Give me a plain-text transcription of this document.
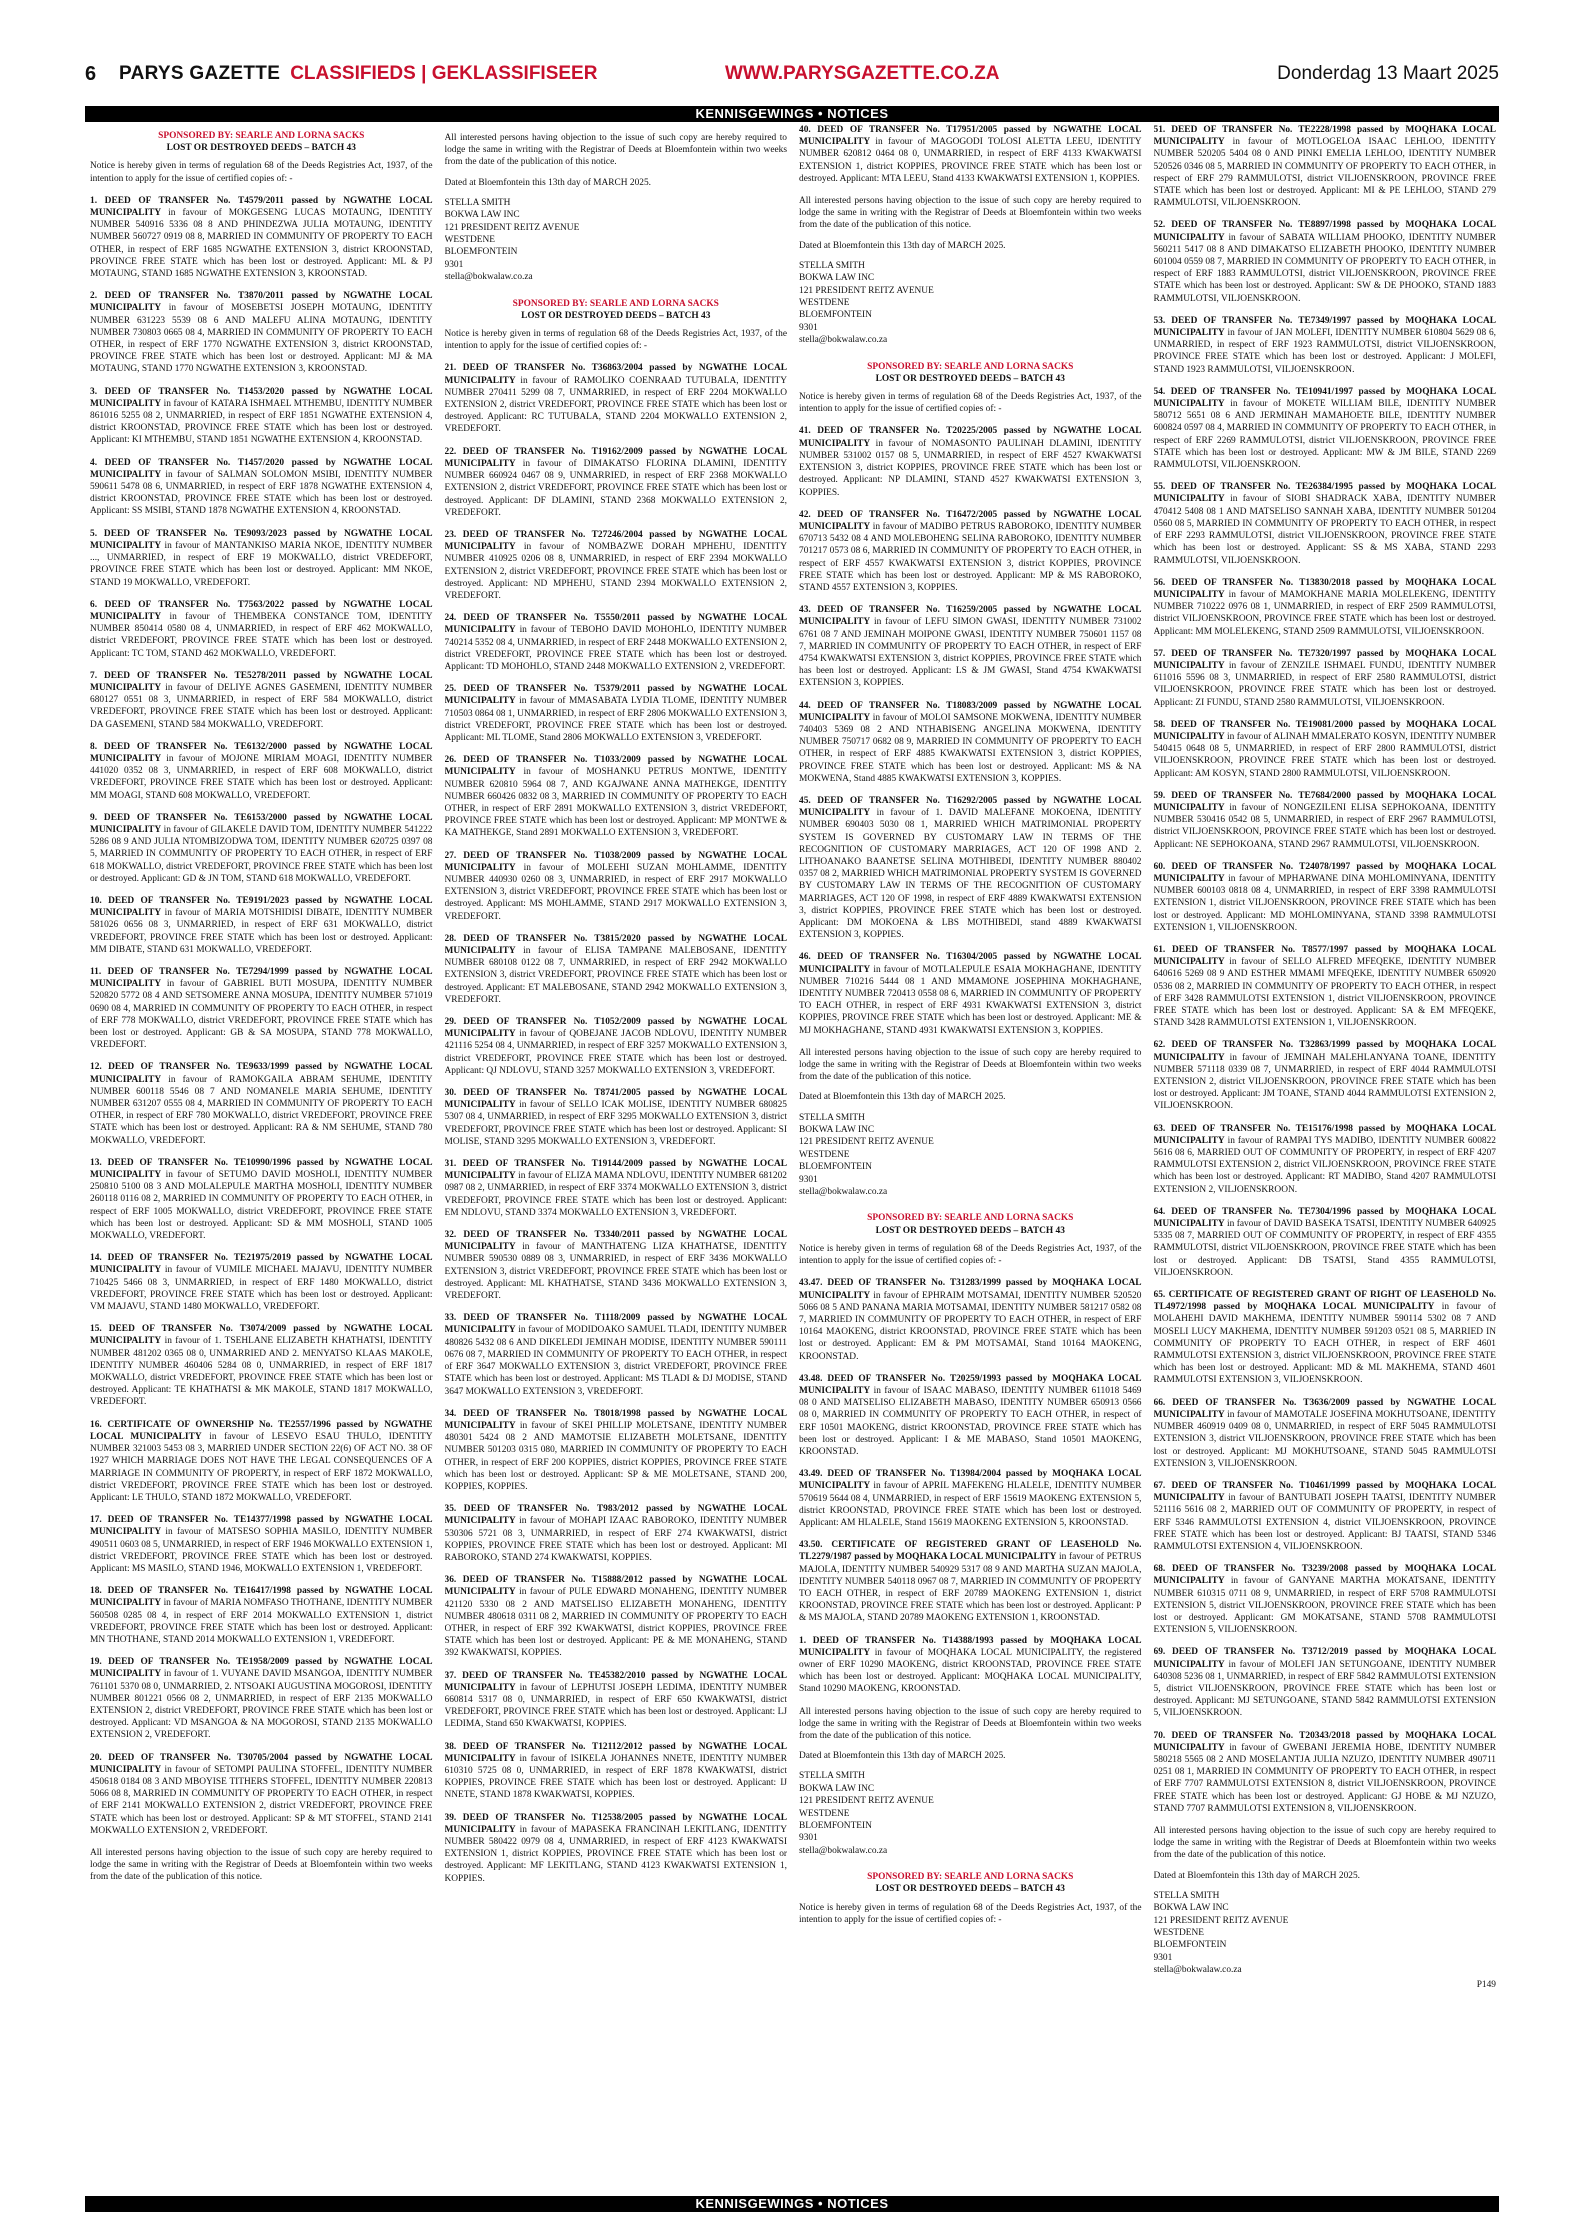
6	PARYS GAZETTE CLASSIFIEDS | GEKLASSIFISEER	WWW.PARYSGAZETTE.CO.ZA	Donderdag 13 Maart 2025
KENNISGEWINGS • NOTICES
SPONSORED BY: SEARLE AND LORNA SACKS
LOST OR DESTROYED DEEDS – BATCH 43
Notice is hereby given in terms of regulation 68 of the Deeds Registries Act, 1937, of the intention to apply for the issue of certified copies of: -
1. DEED OF TRANSFER No. T4579/2011 passed by NGWATHE LOCAL MUNICIPALITY in favour of MOKGESENG LUCAS MOTAUNG, IDENTITY NUMBER 540916 5336 08 8 AND PHINDEZWA JULIA MOTAUNG, IDENTITY NUMBER 560727 0919 08 8, MARRIED IN COMMUNITY OF PROPERTY TO EACH OTHER, in respect of ERF 1685 NGWATHE EXTENSION 3, district KROONSTAD, PROVINCE FREE STATE which has been lost or destroyed. Applicant: ML & PJ MOTAUNG, STAND 1685 NGWATHE EXTENSION 3, KROONSTAD.
2. DEED OF TRANSFER No. T3870/2011 passed by NGWATHE LOCAL MUNICIPALITY in favour of MOSEBETSI JOSEPH MOTAUNG, IDENTITY NUMBER 631223 5539 08 6 AND MALEFU ALINA MOTAUNG, IDENTITY NUMBER 730803 0665 08 4, MARRIED IN COMMUNITY OF PROPERTY TO EACH OTHER, in respect of ERF 1770 NGWATHE EXTENSION 3, district KROONSTAD, PROVINCE FREE STATE which has been lost or destroyed. Applicant: MJ & MA MOTAUNG, STAND 1770 NGWATHE EXTENSION 3, KROONSTAD.
3. DEED OF TRANSFER No. T1453/2020 passed by NGWATHE LOCAL MUNICIPALITY in favour of KATARA ISHMAEL MTHEMBU, IDENTITY NUMBER 861016 5255 08 2, UNMARRIED, in respect of ERF 1851 NGWATHE EXTENSION 4, district KROONSTAD, PROVINCE FREE STATE which has been lost or destroyed. Applicant: KI MTHEMBU, STAND 1851 NGWATHE EXTENSION 4, KROONSTAD.
4. DEED OF TRANSFER No. T1457/2020 passed by NGWATHE LOCAL MUNICIPALITY in favour of SALMAN SOLOMON MSIBI, IDENTITY NUMBER 590611 5478 08 6, UNMARRIED, in respect of ERF 1878 NGWATHE EXTENSION 4, district KROONSTAD, PROVINCE FREE STATE which has been lost or destroyed. Applicant: SS MSIBI, STAND 1878 NGWATHE EXTENSION 4, KROONSTAD.
5. DEED OF TRANSFER No. TE9093/2023 passed by NGWATHE LOCAL MUNICIPALITY in favour of MANTANKISO MARIA NKOE, IDENTITY NUMBER ..., UNMARRIED, in respect of ERF 19 MOKWALLO, district VREDEFORT, PROVINCE FREE STATE which has been lost or destroyed. Applicant: MM NKOE, STAND 19 MOKWALLO, VREDEFORT.
6. DEED OF TRANSFER No. T7563/2022 passed by NGWATHE LOCAL MUNICIPALITY in favour of THEMBEKA CONSTANCE TOM, IDENTITY NUMBER 850414 0580 08 4, UNMARRIED, in respect of ERF 462 MOKWALLO, district VREDEFORT, PROVINCE FREE STATE which has been lost or destroyed. Applicant: TC TOM, STAND 462 MOKWALLO, VREDEFORT.
7. DEED OF TRANSFER No. TE5278/2011 passed by NGWATHE LOCAL MUNICIPALITY in favour of DELIYE AGNES GASEMENI, IDENTITY NUMBER 680127 0551 08 3, UNMARRIED, in respect of ERF 584 MOKWALLO, district VREDEFORT, PROVINCE FREE STATE which has been lost or destroyed. Applicant: DA GASEMENI, STAND 584 MOKWALLO, VREDEFORT.
8. DEED OF TRANSFER No. TE6132/2000 passed by NGWATHE LOCAL MUNICIPALITY in favour of MOJONE MIRIAM MOAGI, IDENTITY NUMBER 441020 0352 08 3, UNMARRIED, in respect of ERF 608 MOKWALLO, district VREDEFORT, PROVINCE FREE STATE which has been lost or destroyed. Applicant: MM MOAGI, STAND 608 MOKWALLO, VREDEFORT.
9. DEED OF TRANSFER No. TE6153/2000 passed by NGWATHE LOCAL MUNICIPALITY in favour of GILAKELE DAVID TOM, IDENTITY NUMBER 541222 5286 08 9 AND JULIA NTOMBIZODWA TOM, IDENTITY NUMBER 620725 0397 08 5, MARRIED IN COMMUNITY OF PROPERTY TO EACH OTHER, in respect of ERF 618 MOKWALLO, district VREDEFORT, PROVINCE FREE STATE which has been lost or destroyed. Applicant: GD & JN TOM, STAND 618 MOKWALLO, VREDEFORT.
10. DEED OF TRANSFER No. TE9191/2023 passed by NGWATHE LOCAL MUNICIPALITY in favour of MARIA MOTSHIDISI DIBATE, IDENTITY NUMBER 581026 0656 08 3, UNMARRIED, in respect of ERF 631 MOKWALLO, district VREDEFORT, PROVINCE FREE STATE which has been lost or destroyed. Applicant: MM DIBATE, STAND 631 MOKWALLO, VREDEFORT.
11. DEED OF TRANSFER No. TE7294/1999 passed by NGWATHE LOCAL MUNICIPALITY in favour of GABRIEL BUTI MOSUPA, IDENTITY NUMBER 520820 5772 08 4 AND SETSOMERE ANNA MOSUPA, IDENTITY NUMBER 571019 0690 08 4, MARRIED IN COMMUNITY OF PROPERTY TO EACH OTHER, in respect of ERF 778 MOKWALLO, district VREDEFORT, PROVINCE FREE STATE which has been lost or destroyed. Applicant: GB & SA MOSUPA, STAND 778 MOKWALLO, VREDEFORT.
12. DEED OF TRANSFER No. TE9633/1999 passed by NGWATHE LOCAL MUNICIPALITY in favour of RAMOKGAILA ABRAM SEHUME, IDENTITY NUMBER 600118 5546 08 7 AND NOMANELE MARIA SEHUME, IDENTITY NUMBER 631207 0555 08 4, MARRIED IN COMMUNITY OF PROPERTY TO EACH OTHER, in respect of ERF 780 MOKWALLO, district VREDEFORT, PROVINCE FREE STATE which has been lost or destroyed. Applicant: RA & NM SEHUME, STAND 780 MOKWALLO, VREDEFORT.
13. DEED OF TRANSFER No. TE10990/1996 passed by NGWATHE LOCAL MUNICIPALITY in favour of SETUMO DAVID MOSHOLI, IDENTITY NUMBER 250810 5100 08 3 AND MOLALEPULE MARTHA MOSHOLI, IDENTITY NUMBER 260118 0116 08 2, MARRIED IN COMMUNITY OF PROPERTY TO EACH OTHER, in respect of ERF 1005 MOKWALLO, district VREDEFORT, PROVINCE FREE STATE which has been lost or destroyed. Applicant: SD & MM MOSHOLI, STAND 1005 MOKWALLO, VREDEFORT.
14. DEED OF TRANSFER No. TE21975/2019 passed by NGWATHE LOCAL MUNICIPALITY in favour of VUMILE MICHAEL MAJAVU, IDENTITY NUMBER 710425 5466 08 3, UNMARRIED, in respect of ERF 1480 MOKWALLO, district VREDEFORT, PROVINCE FREE STATE which has been lost or destroyed. Applicant: VM MAJAVU, STAND 1480 MOKWALLO, VREDEFORT.
15. DEED OF TRANSFER No. T3074/2009 passed by NGWATHE LOCAL MUNICIPALITY in favour of 1. TSEHLANE ELIZABETH KHATHATSI, IDENTITY NUMBER 481202 0365 08 0, UNMARRIED AND 2. MENYATSO KLAAS MAKOLE, IDENTITY NUMBER 460406 5284 08 0, UNMARRIED, in respect of ERF 1817 MOKWALLO, district VREDEFORT, PROVINCE FREE STATE which has been lost or destroyed. Applicant: TE KHATHATSI & MK MAKOLE, STAND 1817 MOKWALLO, VREDEFORT.
16. CERTIFICATE OF OWNERSHIP No. TE2557/1996 passed by NGWATHE LOCAL MUNICIPALITY in favour of LESEVO ESAU THULO, IDENTITY NUMBER 321003 5453 08 3, MARRIED UNDER SECTION 22(6) OF ACT NO. 38 OF 1927 WHICH MARRIAGE DOES NOT HAVE THE LEGAL CONSEQUENCES OF A MARRIAGE IN COMMUNITY OF PROPERTY, in respect of ERF 1872 MOKWALLO, district VREDEFORT, PROVINCE FREE STATE which has been lost or destroyed. Applicant: LE THULO, STAND 1872 MOKWALLO, VREDEFORT.
17. DEED OF TRANSFER No. TE14377/1998 passed by NGWATHE LOCAL MUNICIPALITY in favour of MATSESO SOPHIA MASILO, IDENTITY NUMBER 490511 0603 08 5, UNMARRIED, in respect of ERF 1946 MOKWALLO EXTENSION 1, district VREDEFORT, PROVINCE FREE STATE which has been lost or destroyed. Applicant: MS MASILO, STAND 1946, MOKWALLO EXTENSION 1, VREDEFORT.
18. DEED OF TRANSFER No. TE16417/1998 passed by NGWATHE LOCAL MUNICIPALITY in favour of MARIA NOMFASO THOTHANE, IDENTITY NUMBER 560508 0285 08 4, in respect of ERF 2014 MOKWALLO EXTENSION 1, district VREDEFORT, PROVINCE FREE STATE which has been lost or destroyed. Applicant: MN THOTHANE, STAND 2014 MOKWALLO EXTENSION 1, VREDEFORT.
19. DEED OF TRANSFER No. TE1958/2009 passed by NGWATHE LOCAL MUNICIPALITY in favour of 1. VUYANE DAVID MSANGOA, IDENTITY NUMBER 761101 5370 08 0, UNMARRIED, 2. NTSOAKI AUGUSTINA MOGOROSI, IDENTITY NUMBER 801221 0566 08 2, UNMARRIED, in respect of ERF 2135 MOKWALLO EXTENSION 2, district VREDEFORT, PROVINCE FREE STATE which has been lost or destroyed. Applicant: VD MSANGOA & NA MOGOROSI, STAND 2135 MOKWALLO EXTENSION 2, VREDEFORT.
20. DEED OF TRANSFER No. T30705/2004 passed by NGWATHE LOCAL MUNICIPALITY in favour of SETOMPI PAULINA STOFFEL, IDENTITY NUMBER 450618 0184 08 3 AND MBOYISE TITHERS STOFFEL, IDENTITY NUMBER 220813 5066 08 8, MARRIED IN COMMUNITY OF PROPERTY TO EACH OTHER, in respect of ERF 2141 MOKWALLO EXTENSION 2, district VREDEFORT, PROVINCE FREE STATE which has been lost or destroyed. Applicant: SP & MT STOFFEL, STAND 2141 MOKWALLO EXTENSION 2, VREDEFORT.
All interested persons having objection to the issue of such copy are hereby required to lodge the same in writing with the Registrar of Deeds at Bloemfontein within two weeks from the date of the publication of this notice.
All interested persons having objection to the issue of such copy are hereby required to lodge the same in writing with the Registrar of Deeds at Bloemfontein within two weeks from the date of the publication of this notice.
Dated at Bloemfontein this 13th day of MARCH 2025.
STELLA SMITH
BOKWA LAW INC
121 PRESIDENT REITZ AVENUE
WESTDENE
BLOEMFONTEIN
9301
stella@bokwalaw.co.za
SPONSORED BY: SEARLE AND LORNA SACKS
LOST OR DESTROYED DEEDS – BATCH 43
Notice is hereby given in terms of regulation 68 of the Deeds Registries Act, 1937, of the intention to apply for the issue of certified copies of: -
21. DEED OF TRANSFER No. T36863/2004 passed by NGWATHE LOCAL MUNICIPALITY in favour of RAMOLIKO COENRAAD TUTUBALA, IDENTITY NUMBER 270411 5299 08 7, UNMARRIED, in respect of ERF 2204 MOKWALLO EXTENSION 2, district VREDEFORT, PROVINCE FREE STATE which has been lost or destroyed. Applicant: RC TUTUBALA, STAND 2204 MOKWALLO EXTENSION 2, VREDEFORT.
22. DEED OF TRANSFER No. T19162/2009 passed by NGWATHE LOCAL MUNICIPALITY in favour of DIMAKATSO FLORINA DLAMINI, IDENTITY NUMBER 660924 0467 08 9, UNMARRIED, in respect of ERF 2368 MOKWALLO EXTENSION 2, district VREDEFORT, PROVINCE FREE STATE which has been lost or destroyed. Applicant: DF DLAMINI, STAND 2368 MOKWALLO EXTENSION 2, VREDEFORT.
23. DEED OF TRANSFER No. T27246/2004 passed by NGWATHE LOCAL MUNICIPALITY in favour of NOMBAZWE DORAH MPHEHU, IDENTITY NUMBER 410925 0206 08 8, UNMARRIED, in respect of ERF 2394 MOKWALLO EXTENSION 2, district VREDEFORT, PROVINCE FREE STATE which has been lost or destroyed. Applicant: ND MPHEHU, STAND 2394 MOKWALLO EXTENSION 2, VREDEFORT.
24. DEED OF TRANSFER No. T5550/2011 passed by NGWATHE LOCAL MUNICIPALITY in favour of TEBOHO DAVID MOHOHLO, IDENTITY NUMBER 740214 5352 08 4, UNMARRIED, in respect of ERF 2448 MOKWALLO EXTENSION 2, district VREDEFORT, PROVINCE FREE STATE which has been lost or destroyed. Applicant: TD MOHOHLO, STAND 2448 MOKWALLO EXTENSION 2, VREDEFORT.
25. DEED OF TRANSFER No. T5379/2011 passed by NGWATHE LOCAL MUNICIPALITY in favour of MMASABATA LYDIA TLOME, IDENTITY NUMBER 710503 0864 08 1, UNMARRIED, in respect of ERF 2806 MOKWALLO EXTENSION 3, district VREDEFORT, PROVINCE FREE STATE which has been lost or destroyed. Applicant: ML TLOME, Stand 2806 MOKWALLO EXTENSION 3, VREDEFORT.
26. DEED OF TRANSFER No. T1033/2009 passed by NGWATHE LOCAL MUNICIPALITY in favour of MOSHANKU PETRUS MONTWE, IDENTITY NUMBER 620810 5964 08 7, AND KGAJWANE ANNA MATHEKGE, IDENTITY NUMBER 660426 0832 08 3, MARRIED IN COMMUNITY OF PROPERTY TO EACH OTHER, in respect of ERF 2891 MOKWALLO EXTENSION 3, district VREDEFORT, PROVINCE FREE STATE which has been lost or destroyed. Applicant: MP MONTWE & KA MATHEKGE, Stand 2891 MOKWALLO EXTENSION 3, VREDEFORT.
27. DEED OF TRANSFER No. T1038/2009 passed by NGWATHE LOCAL MUNICIPALITY in favour of MOLEEHI SUZAN MOHLAMME, IDENTITY NUMBER 440930 0260 08 3, UNMARRIED, in respect of ERF 2917 MOKWALLO EXTENSION 3, district VREDEFORT, PROVINCE FREE STATE which has been lost or destroyed. Applicant: MS MOHLAMME, STAND 2917 MOKWALLO EXTENSION 3, VREDEFORT.
28. DEED OF TRANSFER No. T3815/2020 passed by NGWATHE LOCAL MUNICIPALITY in favour of ELISA TAMPANE MALEBOSANE, IDENTITY NUMBER 680108 0122 08 7, UNMARRIED, in respect of ERF 2942 MOKWALLO EXTENSION 3, district VREDEFORT, PROVINCE FREE STATE which has been lost or destroyed. Applicant: ET MALEBOSANE, STAND 2942 MOKWALLO EXTENSION 3, VREDEFORT.
29. DEED OF TRANSFER No. T1052/2009 passed by NGWATHE LOCAL MUNICIPALITY in favour of QOBEJANE JACOB NDLOVU, IDENTITY NUMBER 421116 5254 08 4, UNMARRIED, in respect of ERF 3257 MOKWALLO EXTENSION 3, district VREDEFORT, PROVINCE FREE STATE which has been lost or destroyed. Applicant: QJ NDLOVU, STAND 3257 MOKWALLO EXTENSION 3, VREDEFORT.
30. DEED OF TRANSFER No. T8741/2005 passed by NGWATHE LOCAL MUNICIPALITY in favour of SELLO ICAK MOLISE, IDENTITY NUMBER 680825 5307 08 4, UNMARRIED, in respect of ERF 3295 MOKWALLO EXTENSION 3, district VREDEFORT, PROVINCE FREE STATE which has been lost or destroyed. Applicant: SI MOLISE, STAND 3295 MOKWALLO EXTENSION 3, VREDEFORT.
31. DEED OF TRANSFER No. T19144/2009 passed by NGWATHE LOCAL MUNICIPALITY in favour of ELIZA MAMA NDLOVU, IDENTITY NUMBER 681202 0987 08 2, UNMARRIED, in respect of ERF 3374 MOKWALLO EXTENSION 3, district VREDEFORT, PROVINCE FREE STATE which has been lost or destroyed. Applicant: EM NDLOVU, STAND 3374 MOKWALLO EXTENSION 3, VREDEFORT.
32. DEED OF TRANSFER No. T3340/2011 passed by NGWATHE LOCAL MUNICIPALITY in favour of MANTHATENG LIZA KHATHATSE, IDENTITY NUMBER 590530 0889 08 3, UNMARRIED, in respect of ERF 3436 MOKWALLO EXTENSION 3, district VREDEFORT, PROVINCE FREE STATE which has been lost or destroyed. Applicant: ML KHATHATSE, STAND 3436 MOKWALLO EXTENSION 3, VREDEFORT.
33. DEED OF TRANSFER No. T1118/2009 passed by NGWATHE LOCAL MUNICIPALITY in favour of MODIDOAKO SAMUEL TLADI, IDENTITY NUMBER 480826 5432 08 6 AND DIKELEDI JEMINAH MODISE, IDENTITY NUMBER 590111 0676 08 7, MARRIED IN COMMUNITY OF PROPERTY TO EACH OTHER, in respect of ERF 3647 MOKWALLO EXTENSION 3, district VREDEFORT, PROVINCE FREE STATE which has been lost or destroyed. Applicant: MS TLADI & DJ MODISE, STAND 3647 MOKWALLO EXTENSION 3, VREDEFORT.
34. DEED OF TRANSFER No. T8018/1998 passed by NGWATHE LOCAL MUNICIPALITY in favour of SKEI PHILLIP MOLETSANE, IDENTITY NUMBER 480301 5424 08 2 AND MAMOTSIE ELIZABETH MOLETSANE, IDENTITY NUMBER 501203 0315 080, MARRIED IN COMMUNITY OF PROPERTY TO EACH OTHER, in respect of ERF 200 KOPPIES, district KOPPIES, PROVINCE FREE STATE which has been lost or destroyed. Applicant: SP & ME MOLETSANE, STAND 200, KOPPIES, KOPPIES.
35. DEED OF TRANSFER No. T983/2012 passed by NGWATHE LOCAL MUNICIPALITY in favour of MOHAPI IZAAC RABOROKO, IDENTITY NUMBER 530306 5721 08 3, UNMARRIED, in respect of ERF 274 KWAKWATSI, district KOPPIES, PROVINCE FREE STATE which has been lost or destroyed. Applicant: MI RABOROKO, STAND 274 KWAKWATSI, KOPPIES.
36. DEED OF TRANSFER No. T15888/2012 passed by NGWATHE LOCAL MUNICIPALITY in favour of PULE EDWARD MONAHENG, IDENTITY NUMBER 421120 5330 08 2 AND MATSELISO ELIZABETH MONAHENG, IDENTITY NUMBER 480618 0311 08 2, MARRIED IN COMMUNITY OF PROPERTY TO EACH OTHER, in respect of ERF 392 KWAKWATSI, district KOPPIES, PROVINCE FREE STATE which has been lost or destroyed. Applicant: PE & ME MONAHENG, STAND 392 KWAKWATSI, KOPPIES.
37. DEED OF TRANSFER No. TE45382/2010 passed by NGWATHE LOCAL MUNICIPALITY in favour of LEPHUTSI JOSEPH LEDIMA, IDENTITY NUMBER 660814 5317 08 0, UNMARRIED, in respect of ERF 650 KWAKWATSI, district VREDEFORT, PROVINCE FREE STATE which has been lost or destroyed. Applicant: LJ LEDIMA, Stand 650 KWAKWATSI, KOPPIES.
38. DEED OF TRANSFER No. T12112/2012 passed by NGWATHE LOCAL MUNICIPALITY in favour of ISIKELA JOHANNES NNETE, IDENTITY NUMBER 610310 5725 08 0, UNMARRIED, in respect of ERF 1878 KWAKWATSI, district KOPPIES, PROVINCE FREE STATE which has been lost or destroyed. Applicant: IJ NNETE, STAND 1878 KWAKWATSI, KOPPIES.
39. DEED OF TRANSFER No. T12538/2005 passed by NGWATHE LOCAL MUNICIPALITY in favour of MAPASEKA FRANCINAH LEKITLANG, IDENTITY NUMBER 580422 0979 08 4, UNMARRIED, in respect of ERF 4123 KWAKWATSI EXTENSION 1, district KOPPIES, PROVINCE FREE STATE which has been lost or destroyed. Applicant: MF LEKITLANG, STAND 4123 KWAKWATSI EXTENSION 1, KOPPIES.
40. DEED OF TRANSFER No. T17951/2005 passed by NGWATHE LOCAL MUNICIPALITY in favour of MAGOGODI TOLOSI ALETTA LEEU, IDENTITY NUMBER 620812 0464 08 0, UNMARRIED, in respect of ERF 4133 KWAKWATSI EXTENSION 1, district KOPPIES, PROVINCE FREE STATE which has been lost or destroyed. Applicant: MTA LEEU, Stand 4133 KWAKWATSI EXTENSION 1, KOPPIES.
All interested persons having objection to the issue of such copy are hereby required to lodge the same in writing with the Registrar of Deeds at Bloemfontein within two weeks from the date of the publication of this notice.
Dated at Bloemfontein this 13th day of MARCH 2025.
STELLA SMITH
BOKWA LAW INC
121 PRESIDENT REITZ AVENUE
WESTDENE
BLOEMFONTEIN
9301
stella@bokwalaw.co.za
SPONSORED BY: SEARLE AND LORNA SACKS
LOST OR DESTROYED DEEDS – BATCH 43
Notice is hereby given in terms of regulation 68 of the Deeds Registries Act, 1937, of the intention to apply for the issue of certified copies of: -
41. DEED OF TRANSFER No. T20225/2005 passed by NGWATHE LOCAL MUNICIPALITY in favour of NOMASONTO PAULINAH DLAMINI, IDENTITY NUMBER 531002 0157 08 5, UNMARRIED, in respect of ERF 4527 KWAKWATSI EXTENSION 3, district KOPPIES, PROVINCE FREE STATE which has been lost or destroyed. Applicant: NP DLAMINI, STAND 4527 KWAKWATSI EXTENSION 3, KOPPIES.
42. DEED OF TRANSFER No. T16472/2005 passed by NGWATHE LOCAL MUNICIPALITY in favour of MADIBO PETRUS RABOROKO, IDENTITY NUMBER 670713 5432 08 4 AND MOLEBOHENG SELINA RABOROKO, IDENTITY NUMBER 701217 0573 08 6, MARRIED IN COMMUNITY OF PROPERTY TO EACH OTHER, in respect of ERF 4557 KWAKWATSI EXTENSION 3, district KOPPIES, PROVINCE FREE STATE which has been lost or destroyed. Applicant: MP & MS RABOROKO, STAND 4557 EXTENSION 3, KOPPIES.
43. DEED OF TRANSFER No. T16259/2005 passed by NGWATHE LOCAL MUNICIPALITY in favour of LEFU SIMON GWASI, IDENTITY NUMBER 731002 6761 08 7 AND JEMINAH MOIPONE GWASI, IDENTITY NUMBER 750601 1157 08 7, MARRIED IN COMMUNITY OF PROPERTY TO EACH OTHER, in respect of ERF 4754 KWAKWATSI EXTENSION 3, district KOPPIES, PROVINCE FREE STATE which has been lost or destroyed. Applicant: LS & JM GWASI, Stand 4754 KWAKWATSI EXTENSION 3, KOPPIES.
44. DEED OF TRANSFER No. T18083/2009 passed by NGWATHE LOCAL MUNICIPALITY in favour of MOLOI SAMSONE MOKWENA, IDENTITY NUMBER 740403 5369 08 2 AND NTHABISENG ANGELINA MOKWENA, IDENTITY NUMBER 750717 0682 08 9, MARRIED IN COMMUNITY OF PROPERTY TO EACH OTHER, in respect of ERF 4885 KWAKWATSI EXTENSION 3, district KOPPIES, PROVINCE FREE STATE which has been lost or destroyed. Applicant: MS & NA MOKWENA, Stand 4885 KWAKWATSI EXTENSION 3, KOPPIES.
45. DEED OF TRANSFER No. T16292/2005 passed by NGWATHE LOCAL MUNICIPALITY in favour of 1. DAVID MALEFANE MOKOENA, IDENTITY NUMBER 690403 5030 08 1, MARRIED WHICH MATRIMONIAL PROPERTY SYSTEM IS GOVERNED BY CUSTOMARY LAW IN TERMS OF THE RECOGNITION OF CUSTOMARY MARRIAGES, ACT 120 OF 1998 AND 2. LITHOANAKO BAANETSE SELINA MOTHIBEDI, IDENTITY NUMBER 880402 0357 08 2, MARRIED WHICH MATRIMONIAL PROPERTY SYSTEM IS GOVERNED BY CUSTOMARY LAW IN TERMS OF THE RECOGNITION OF CUSTOMARY MARRIAGES, ACT 120 OF 1998, in respect of ERF 4889 KWAKWATSI EXTENSION 3, district KOPPIES, PROVINCE FREE STATE which has been lost or destroyed. Applicant: DM MOKOENA & LBS MOTHIBEDI, stand 4889 KWAKWATSI EXTENSION 3, KOPPIES.
46. DEED OF TRANSFER No. T16304/2005 passed by NGWATHE LOCAL MUNICIPALITY in favour of MOTLALEPULE ESAIA MOKHAGHANE, IDENTITY NUMBER 710216 5444 08 1 AND MMAMONE JOSEPHINA MOKHAGHANE, IDENTITY NUMBER 720413 0558 08 6, MARRIED IN COMMUNITY OF PROPERTY TO EACH OTHER, in respect of ERF 4931 KWAKWATSI EXTENSION 3, district KOPPIES, PROVINCE FREE STATE which has been lost or destroyed. Applicant: ME & MJ MOKHAGHANE, STAND 4931 KWAKWATSI EXTENSION 3, KOPPIES.
All interested persons having objection to the issue of such copy are hereby required to lodge the same in writing with the Registrar of Deeds at Bloemfontein within two weeks from the date of the publication of this notice.
Dated at Bloemfontein this 13th day of MARCH 2025.
STELLA SMITH
BOKWA LAW INC
121 PRESIDENT REITZ AVENUE
WESTDENE
BLOEMFONTEIN
9301
stella@bokwalaw.co.za
SPONSORED BY: SEARLE AND LORNA SACKS
LOST OR DESTROYED DEEDS – BATCH 43
Notice is hereby given in terms of regulation 68 of the Deeds Registries Act, 1937, of the intention to apply for the issue of certified copies of: -
43.47. DEED OF TRANSFER No. T31283/1999 passed by MOQHAKA LOCAL MUNICIPALITY in favour of EPHRAIM MOTSAMAI, IDENTITY NUMBER 520520 5066 08 5 AND PANANA MARIA MOTSAMAI, IDENTITY NUMBER 581217 0582 08 7, MARRIED IN COMMUNITY OF PROPERTY TO EACH OTHER, in respect of ERF 10164 MAOKENG, district KROONSTAD, PROVINCE FREE STATE which has been lost or destroyed. Applicant: EM & PM MOTSAMAI, Stand 10164 MAOKENG, KROONSTAD.
43.48. DEED OF TRANSFER No. T20259/1993 passed by MOQHAKA LOCAL MUNICIPALITY in favour of ISAAC MABASO, IDENTITY NUMBER 611018 5469 08 0 AND MATSELISO ELIZABETH MABASO, IDENTITY NUMBER 650913 0566 08 0, MARRIED IN COMMUNITY OF PROPERTY TO EACH OTHER, in respect of ERF 10501 MAOKENG, district KROONSTAD, PROVINCE FREE STATE which has been lost or destroyed. Applicant: I & ME MABASO, Stand 10501 MAOKENG, KROONSTAD.
43.49. DEED OF TRANSFER No. T13984/2004 passed by MOQHAKA LOCAL MUNICIPALITY in favour of APRIL MAFEKENG HLALELE, IDENTITY NUMBER 570619 5644 08 4, UNMARRIED, in respect of ERF 15619 MAOKENG EXTENSION 5, district KROONSTAD, PROVINCE FREE STATE which has been lost or destroyed. Applicant: AM HLALELE, Stand 15619 MAOKENG EXTENSION 5, KROONSTAD.
43.50. CERTIFICATE OF REGISTERED GRANT OF LEASEHOLD No. TL2279/1987 passed by MOQHAKA LOCAL MUNICIPALITY in favour of PETRUS MAJOLA, IDENTITY NUMBER 540929 5317 08 9 AND MARTHA SUZAN MAJOLA, IDENTITY NUMBER 540118 0967 08 7, MARRIED IN COMMUNITY OF PROPERTY TO EACH OTHER, in respect of ERF 20789 MAOKENG EXTENSION 1, district KROONSTAD, PROVINCE FREE STATE which has been lost or destroyed. Applicant: P & MS MAJOLA, STAND 20789 MAOKENG EXTENSION 1, KROONSTAD.
1. DEED OF TRANSFER No. T14388/1993 passed by MOQHAKA LOCAL MUNICIPALITY in favour of MOQHAKA LOCAL MUNICIPALITY, the registered owner of ERF 10290 MAOKENG, district KROONSTAD, PROVINCE FREE STATE which has been lost or destroyed. Applicant: MOQHAKA LOCAL MUNICIPALITY, Stand 10290 MAOKENG, KROONSTAD.
All interested persons having objection to the issue of such copy are hereby required to lodge the same in writing with the Registrar of Deeds at Bloemfontein within two weeks from the date of the publication of this notice.
Dated at Bloemfontein this 13th day of MARCH 2025.
STELLA SMITH
BOKWA LAW INC
121 PRESIDENT REITZ AVENUE
WESTDENE
BLOEMFONTEIN
9301
stella@bokwalaw.co.za
SPONSORED BY: SEARLE AND LORNA SACKS
LOST OR DESTROYED DEEDS – BATCH 43
Notice is hereby given in terms of regulation 68 of the Deeds Registries Act, 1937, of the intention to apply for the issue of certified copies of: -
51. DEED OF TRANSFER No. TE2228/1998 passed by MOQHAKA LOCAL MUNICIPALITY in favour of MOTLOGELOA ISAAC LEHLOO, IDENTITY NUMBER 520205 5404 08 0 AND PINKI EMELIA LEHLOO, IDENTITY NUMBER 520526 0346 08 5, MARRIED IN COMMUNITY OF PROPERTY TO EACH OTHER, in respect of ERF 279 RAMMULOTSI, district VILJOENSKROON, PROVINCE FREE STATE which has been lost or destroyed. Applicant: MI & PE LEHLOO, STAND 279 RAMMULOTSI, VILJOENSKROON.
52. DEED OF TRANSFER No. TE8897/1998 passed by MOQHAKA LOCAL MUNICIPALITY in favour of SABATA WILLIAM PHOOKO, IDENTITY NUMBER 560211 5417 08 8 AND DIMAKATSO ELIZABETH PHOOKO, IDENTITY NUMBER 601004 0559 08 7, MARRIED IN COMMUNITY OF PROPERTY TO EACH OTHER, in respect of ERF 1883 RAMMULOTSI, district VILJOENSKROON, PROVINCE FREE STATE which has been lost or destroyed. Applicant: SW & DE PHOOKO, STAND 1883 RAMMULOTSI, VILJOENSKROON.
53. DEED OF TRANSFER No. TE7349/1997 passed by MOQHAKA LOCAL MUNICIPALITY in favour of JAN MOLEFI, IDENTITY NUMBER 610804 5629 08 6, UNMARRIED, in respect of ERF 1923 RAMMULOTSI, district VILJOENSKROON, PROVINCE FREE STATE which has been lost or destroyed. Applicant: J MOLEFI, STAND 1923 RAMMULOTSI, VILJOENSKROON.
54. DEED OF TRANSFER No. TE10941/1997 passed by MOQHAKA LOCAL MUNICIPALITY in favour of MOKETE WILLIAM BILE, IDENTITY NUMBER 580712 5651 08 6 AND JERMINAH MAMAHOETE BILE, IDENTITY NUMBER 600824 0597 08 4, MARRIED IN COMMUNITY OF PROPERTY TO EACH OTHER, in respect of ERF 2269 RAMMULOTSI, district VILJOENSKROON, PROVINCE FREE STATE which has been lost or destroyed. Applicant: MW & JM BILE, STAND 2269 RAMMULOTSI, VILJOENSKROON.
55. DEED OF TRANSFER No. TE26384/1995 passed by MOQHAKA LOCAL MUNICIPALITY in favour of SIOBI SHADRACK XABA, IDENTITY NUMBER 470412 5408 08 1 AND MATSELISO SANNAH XABA, IDENTITY NUMBER 501204 0560 08 5, MARRIED IN COMMUNITY OF PROPERTY TO EACH OTHER, in respect of ERF 2293 RAMMULOTSI, district VILJOENSKROON, PROVINCE FREE STATE which has been lost or destroyed. Applicant: SS & MS XABA, STAND 2293 RAMMULOTSI, VILJOENSKROON.
56. DEED OF TRANSFER No. T13830/2018 passed by MOQHAKA LOCAL MUNICIPALITY in favour of MAMOKHANE MARIA MOLELEKENG, IDENTITY NUMBER 710222 0976 08 1, UNMARRIED, in respect of ERF 2509 RAMMULOTSI, district VILJOENSKROON, PROVINCE FREE STATE which has been lost or destroyed. Applicant: MM MOLELEKENG, STAND 2509 RAMMULOTSI, VILJOENSKROON.
57. DEED OF TRANSFER No. TE7320/1997 passed by MOQHAKA LOCAL MUNICIPALITY in favour of ZENZILE ISHMAEL FUNDU, IDENTITY NUMBER 611016 5596 08 3, UNMARRIED, in respect of ERF 2580 RAMMULOTSI, district VILJOENSKROON, PROVINCE FREE STATE which has been lost or destroyed. Applicant: ZI FUNDU, STAND 2580 RAMMULOTSI, VILJOENSKROON.
58. DEED OF TRANSFER No. TE19081/2000 passed by MOQHAKA LOCAL MUNICIPALITY in favour of ALINAH MMALERATO KOSYN, IDENTITY NUMBER 540415 0648 08 5, UNMARRIED, in respect of ERF 2800 RAMMULOTSI, district VILJOENSKROON, PROVINCE FREE STATE which has been lost or destroyed. Applicant: AM KOSYN, STAND 2800 RAMMULOTSI, VILJOENSKROON.
59. DEED OF TRANSFER No. TE7684/2000 passed by MOQHAKA LOCAL MUNICIPALITY in favour of NONGEZILENI ELISA SEPHOKOANA, IDENTITY NUMBER 530416 0542 08 5, UNMARRIED, in respect of ERF 2967 RAMMULOTSI, district VILJOENSKROON, PROVINCE FREE STATE which has been lost or destroyed. Applicant: NE SEPHOKOANA, STAND 2967 RAMMULOTSI, VILJOENSKROON.
60. DEED OF TRANSFER No. T24078/1997 passed by MOQHAKA LOCAL MUNICIPALITY in favour of MPHARWANE DINA MOHLOMINYANA, IDENTITY NUMBER 600103 0818 08 4, UNMARRIED, in respect of ERF 3398 RAMMULOTSI EXTENSION 1, district VILJOENSKROON, PROVINCE FREE STATE which has been lost or destroyed. Applicant: MD MOHLOMINYANA, STAND 3398 RAMMULOTSI EXTENSION 1, VILJOENSKROON.
61. DEED OF TRANSFER No. T8577/1997 passed by MOQHAKA LOCAL MUNICIPALITY in favour of SELLO ALFRED MFEQEKE, IDENTITY NUMBER 640616 5269 08 9 AND ESTHER MMAMI MFEQEKE, IDENTITY NUMBER 650920 0536 08 2, MARRIED IN COMMUNITY OF PROPERTY TO EACH OTHER, in respect of ERF 3428 RAMMULOTSI EXTENSION 1, district VILJOENSKROON, PROVINCE FREE STATE which has been lost or destroyed. Applicant: SA & EM MFEQEKE, STAND 3428 RAMMULOTSI EXTENSION 1, VILJOENSKROON.
62. DEED OF TRANSFER No. T32863/1999 passed by MOQHAKA LOCAL MUNICIPALITY in favour of JEMINAH MALEHLANYANA TOANE, IDENTITY NUMBER 571118 0339 08 7, UNMARRIED, in respect of ERF 4044 RAMMULOTSI EXTENSION 2, district VILJOENSKROON, PROVINCE FREE STATE which has been lost or destroyed. Applicant: JM TOANE, STAND 4044 RAMMULOTSI EXTENSION 2, VILJOENSKROON.
63. DEED OF TRANSFER No. TE15176/1998 passed by MOQHAKA LOCAL MUNICIPALITY in favour of RAMPAI TYS MADIBO, IDENTITY NUMBER 600822 5616 08 6, MARRIED OUT OF COMMUNITY OF PROPERTY, in respect of ERF 4207 RAMMULOTSI EXTENSION 2, district VILJOENSKROON, PROVINCE FREE STATE which has been lost or destroyed. Applicant: RT MADIBO, Stand 4207 RAMMULOTSI EXTENSION 2, VILJOENSKROON.
64. DEED OF TRANSFER No. TE7304/1996 passed by MOQHAKA LOCAL MUNICIPALITY in favour of DAVID BASEKA TSATSI, IDENTITY NUMBER 640925 5335 08 7, MARRIED OUT OF COMMUNITY OF PROPERTY, in respect of ERF 4355 RAMMULOTSI, district VILJOENSKROON, PROVINCE FREE STATE which has been lost or destroyed. Applicant: DB TSATSI, Stand 4355 RAMMULOTSI, VILJOENSKROON.
65. CERTIFICATE OF REGISTERED GRANT OF RIGHT OF LEASEHOLD No. TL4972/1998 passed by MOQHAKA LOCAL MUNICIPALITY in favour of MOLAHEHI DAVID MAKHEMA, IDENTITY NUMBER 590114 5302 08 7 AND MOSELI LUCY MAKHEMA, IDENTITY NUMBER 591203 0521 08 5, MARRIED IN COMMUNITY OF PROPERTY TO EACH OTHER, in respect of ERF 4601 RAMMULOTSI EXTENSION 3, district VILJOENSKROON, PROVINCE FREE STATE which has been lost or destroyed. Applicant: MD & ML MAKHEMA, STAND 4601 RAMMULOTSI EXTENSION 3, VILJOENSKROON.
66. DEED OF TRANSFER No. T3636/2009 passed by NGWATHE LOCAL MUNICIPALITY in favour of MAMOTALE JOSEFINA MOKHUTSOANE, IDENTITY NUMBER 460919 0409 08 0, UNMARRIED, in respect of ERF 5045 RAMMULOTSI EXTENSION 3, district VILJOENSKROON, PROVINCE FREE STATE which has been lost or destroyed. Applicant: MJ MOKHUTSOANE, STAND 5045 RAMMULOTSI EXTENSION 3, VILJOENSKROON.
67. DEED OF TRANSFER No. T10461/1999 passed by MOQHAKA LOCAL MUNICIPALITY in favour of BANTUBATI JOSEPH TAATSI, IDENTITY NUMBER 521116 5616 08 2, MARRIED OUT OF COMMUNITY OF PROPERTY, in respect of ERF 5346 RAMMULOTSI EXTENSION 4, district VILJOENSKROON, PROVINCE FREE STATE which has been lost or destroyed. Applicant: BJ TAATSI, STAND 5346 RAMMULOTSI EXTENSION 4, VILJOENSKROON.
68. DEED OF TRANSFER No. T3239/2008 passed by MOQHAKA LOCAL MUNICIPALITY in favour of GANYANE MARTHA MOKATSANE, IDENTITY NUMBER 610315 0711 08 9, UNMARRIED, in respect of ERF 5708 RAMMULOTSI EXTENSION 5, district VILJOENSKROON, PROVINCE FREE STATE which has been lost or destroyed. Applicant: GM MOKATSANE, STAND 5708 RAMMULOTSI EXTENSION 5, VILJOENSKROON.
69. DEED OF TRANSFER No. T3712/2019 passed by MOQHAKA LOCAL MUNICIPALITY in favour of MOLEFI JAN SETUNGOANE, IDENTITY NUMBER 640308 5236 08 1, UNMARRIED, in respect of ERF 5842 RAMMULOTSI EXTENSION 5, district VILJOENSKROON, PROVINCE FREE STATE which has been lost or destroyed. Applicant: MJ SETUNGOANE, STAND 5842 RAMMULOTSI EXTENSION 5, VILJOENSKROON.
70. DEED OF TRANSFER No. T20343/2018 passed by MOQHAKA LOCAL MUNICIPALITY in favour of GWEBANI JEREMIA HOBE, IDENTITY NUMBER 580218 5565 08 2 AND MOSELANTJA JULIA NZUZO, IDENTITY NUMBER 490711 0251 08 1, MARRIED IN COMMUNITY OF PROPERTY TO EACH OTHER, in respect of ERF 7707 RAMMULOTSI EXTENSION 8, district VILJOENSKROON, PROVINCE FREE STATE which has been lost or destroyed. Applicant: GJ HOBE & MJ NZUZO, STAND 7707 RAMMULOTSI EXTENSION 8, VILJOENSKROON.
All interested persons having objection to the issue of such copy are hereby required to lodge the same in writing with the Registrar of Deeds at Bloemfontein within two weeks from the date of the publication of this notice.
Dated at Bloemfontein this 13th day of MARCH 2025.
STELLA SMITH
BOKWA LAW INC
121 PRESIDENT REITZ AVENUE
WESTDENE
BLOEMFONTEIN
9301
stella@bokwalaw.co.za
P149
KENNISGEWINGS • NOTICES
